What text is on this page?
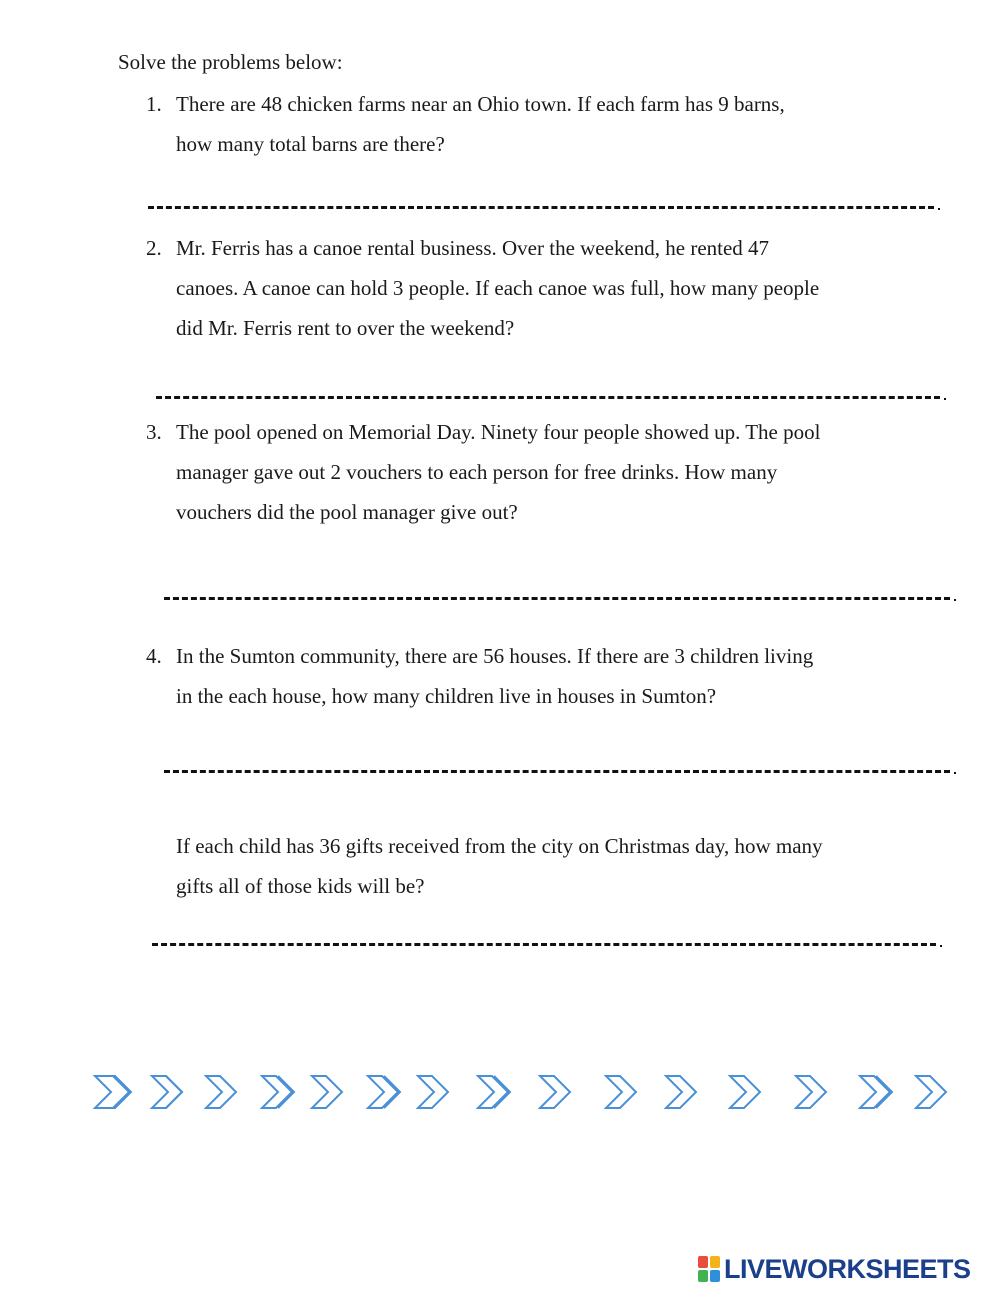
Solve the problems below:
1. There are 48 chicken farms near an Ohio town. If each farm has 9 barns,
how many total barns are there?
2. Mr. Ferris has a canoe rental business. Over the weekend, he rented 47
canoes. A canoe can hold 3 people. If each canoe was full, how many people
did Mr. Ferris rent to over the weekend?
3. The pool opened on Memorial Day. Ninety four people showed up. The pool
manager gave out 2 vouchers to each person for free drinks. How many
vouchers did the pool manager give out?
4. In the Sumton community, there are 56 houses. If there are 3 children living
in the each house, how many children live in houses in Sumton?
If each child has 36 gifts received from the city on Christmas day, how many
gifts all of those kids will be?
LIVEWORKSHEETS
